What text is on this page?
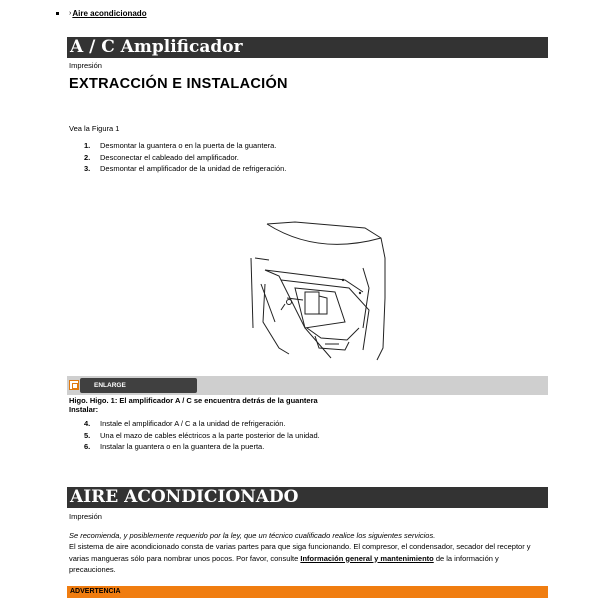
› Aire acondicionado
A / C Amplificador
Impresión
EXTRACCIÓN E INSTALACIÓN
Vea la Figura 1
1.	Desmontar la guantera o en la puerta de la guantera.
2.	Desconectar el cableado del amplificador.
3.	Desmontar el amplificador de la unidad de refrigeración.
ENLARGE
Higo. Higo. 1: El amplificador A / C se encuentra detrás de la guantera
Instalar:
4.	Instale el amplificador A / C a la unidad de refrigeración.
5.	Una el mazo de cables eléctricos a la parte posterior de la unidad.
6.	Instalar la guantera o en la guantera de la puerta.
AIRE ACONDICIONADO
Impresión
Se recomienda, y posiblemente requerido por la ley, que un técnico cualificado realice los siguientes servicios.
El sistema de aire acondicionado consta de varias partes para que siga funcionando. El compresor, el condensador, secador del receptor y varias mangueras sólo para nombrar unos pocos. Por favor, consulte Información general y mantenimiento de la información y precauciones.
ADVERTENCIA
